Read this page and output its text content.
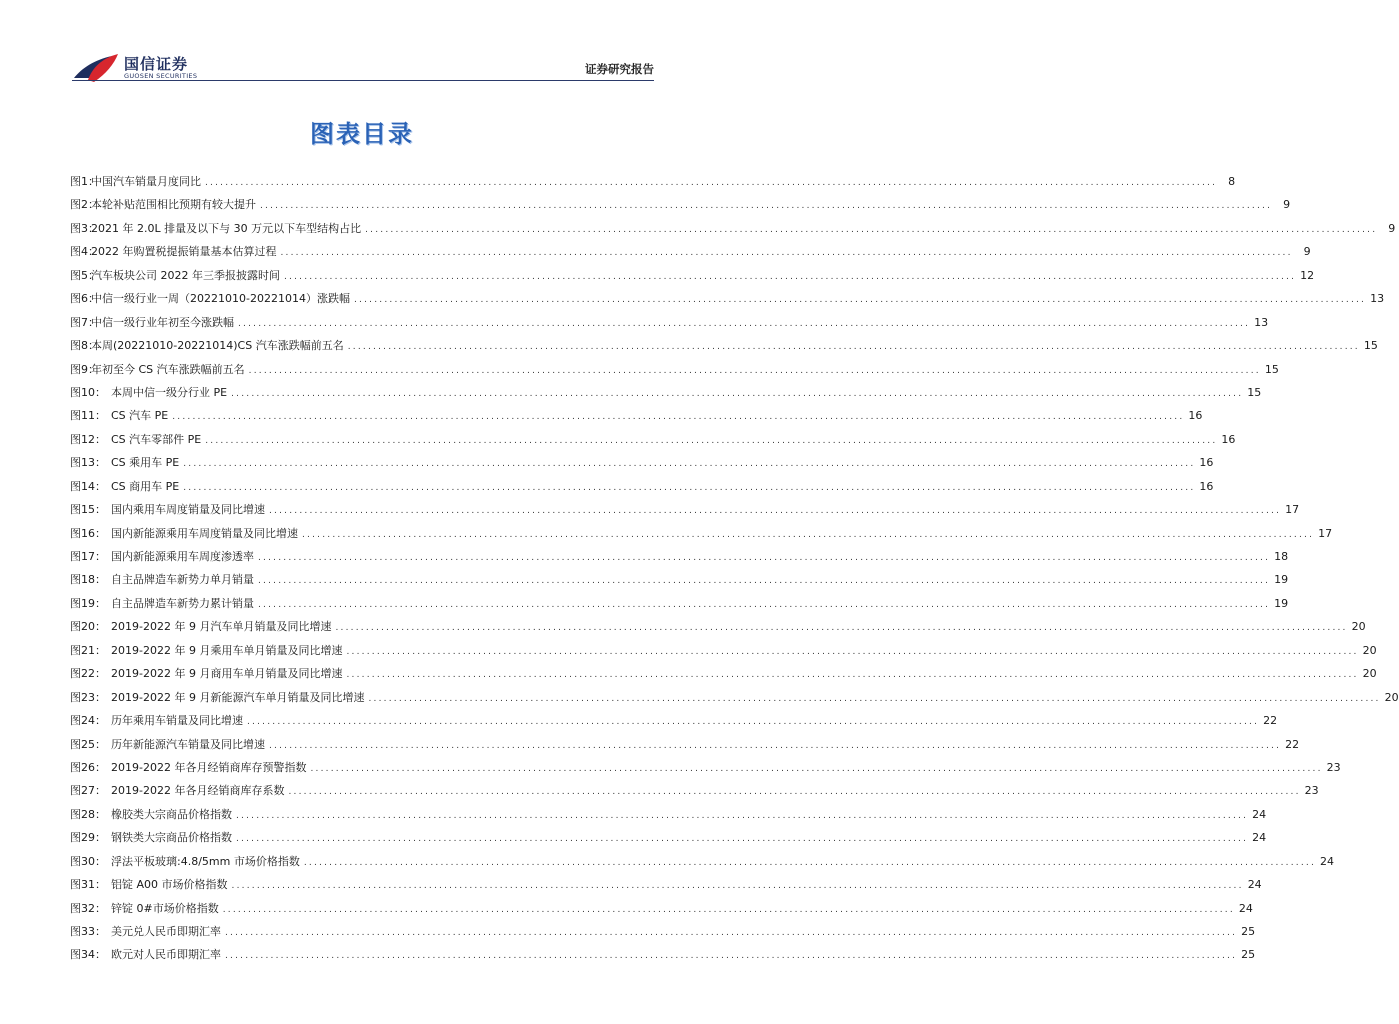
国信证券
GUOSEN SECURITIES	证券研究报告
图表目录
图1：
中国汽车销量月度同比 ........................................................................................................................................................................................................	8
图2：
本轮补贴范围相比预期有较大提升 ........................................................................................................................................................................................................	9
图3：
2021 年 2.0L 排量及以下与 30 万元以下车型结构占比 ........................................................................................................................................................................................................	9
图4：
2022 年购置税提振销量基本估算过程 ........................................................................................................................................................................................................	9
图5：
汽车板块公司 2022 年三季报披露时间 ........................................................................................................................................................................................................ 12
图6：
中信一级行业一周（20221010-20221014）涨跌幅 ........................................................................................................................................................................................................ 13
图7：
中信一级行业年初至今涨跌幅 ........................................................................................................................................................................................................ 13
图8：
本周(20221010-20221014)CS 汽车涨跌幅前五名 ........................................................................................................................................................................................................ 15
图9：
年初至今 CS 汽车涨跌幅前五名 ........................................................................................................................................................................................................ 15
图10： 本周中信一级分行业 PE ........................................................................................................................................................................................................ 15
图11： CS 汽车 PE ........................................................................................................................................................................................................ 16
图12： CS 汽车零部件 PE ........................................................................................................................................................................................................ 16
图13： CS 乘用车 PE ........................................................................................................................................................................................................ 16
图14： CS 商用车 PE ........................................................................................................................................................................................................ 16
图15： 国内乘用车周度销量及同比增速 ........................................................................................................................................................................................................ 17
图16： 国内新能源乘用车周度销量及同比增速 ........................................................................................................................................................................................................ 17
图17： 国内新能源乘用车周度渗透率 ........................................................................................................................................................................................................ 18
图18： 自主品牌造车新势力单月销量 ........................................................................................................................................................................................................ 19
图19： 自主品牌造车新势力累计销量 ........................................................................................................................................................................................................ 19
图20： 2019-2022 年 9 月汽车单月销量及同比增速 ........................................................................................................................................................................................................ 20
图21： 2019-2022 年 9 月乘用车单月销量及同比增速 ........................................................................................................................................................................................................ 20
图22： 2019-2022 年 9 月商用车单月销量及同比增速 ........................................................................................................................................................................................................ 20
图23： 2019-2022 年 9 月新能源汽车单月销量及同比增速 ........................................................................................................................................................................................................ 20
图24： 历年乘用车销量及同比增速 ........................................................................................................................................................................................................ 22
图25： 历年新能源汽车销量及同比增速 ........................................................................................................................................................................................................ 22
图26： 2019-2022 年各月经销商库存预警指数 ........................................................................................................................................................................................................ 23
图27： 2019-2022 年各月经销商库存系数 ........................................................................................................................................................................................................ 23
图28： 橡胶类大宗商品价格指数 ........................................................................................................................................................................................................ 24
图29： 钢铁类大宗商品价格指数 ........................................................................................................................................................................................................ 24
图30： 浮法平板玻璃:4.8/5mm 市场价格指数 ........................................................................................................................................................................................................ 24
图31： 铝锭 A00 市场价格指数 ........................................................................................................................................................................................................ 24
图32： 锌锭 0#市场价格指数 ........................................................................................................................................................................................................ 24
图33： 美元兑人民币即期汇率 ........................................................................................................................................................................................................ 25
图34： 欧元对人民币即期汇率 ........................................................................................................................................................................................................ 25
